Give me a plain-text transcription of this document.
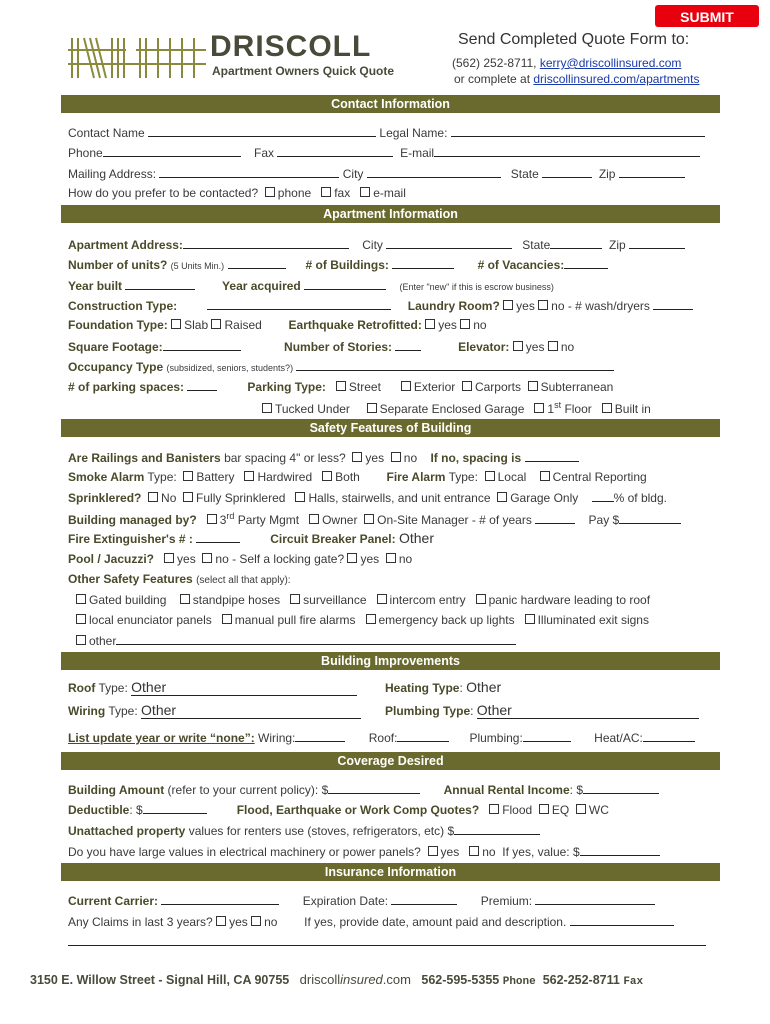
SUBMIT
DRISCOLL
Apartment Owners Quick Quote
Send Completed Quote Form to:
(562) 252-8711, kerry@driscollinsured.com
or complete at driscollinsured.com/apartments
Contact Information
Contact Name	Legal Name:
Phone	Fax	E-mail
Mailing Address:	City	State	Zip
How do you prefer to be contacted? phone fax e-mail
Apartment Information
Apartment Address:	City	State	Zip
Number of units? (5 Units Min.)	# of Buildings:	# of Vacancies:
Year built	Year acquired	(Enter "new" if this is escrow business)
Construction Type:	Laundry Room? yes no - # wash/dryers
Foundation Type: Slab Raised Earthquake Retrofitted: yes no
Square Footage:	Number of Stories:	Elevator: yes no
Occupancy Type (subsidized, seniors, students?)
# of parking spaces:	Parking Type: Street	Exterior Carports Subterranean
Tucked Under Separate Enclosed Garage 1st Floor Built in
Safety Features of Building
Are Railings and Banisters bar spacing 4" or less? yes no If no, spacing is
Smoke Alarm Type: Battery Hardwired Both Fire Alarm Type: Local Central Reporting
Sprinklered? No Fully Sprinklered Halls, stairwells, and unit entrance Garage Only	% of bldg.
Building managed by? 3rd Party Mgmt Owner On-Site Manager - # of years	Pay $
Fire Extinguisher's # :	Circuit Breaker Panel: Other
Pool / Jacuzzi? yes no - Self a locking gate? yes no
Other Safety Features (select all that apply):
Gated building standpipe hoses surveillance intercom entry panic hardware leading to roof
local enunciator panels manual pull fire alarms emergency back up lights Illuminated exit signs
other
Building Improvements
Roof Type: Other	Heating Type: Other
Wiring Type: Other	Plumbing Type: Other
List update year or write “none”: Wiring:	Roof:	Plumbing:	Heat/AC:
Coverage Desired
Building Amount (refer to your current policy): $	Annual Rental Income: $
Deductible: $	Flood, Earthquake or Work Comp Quotes? Flood EQ WC
Unattached property values for renters use (stoves, refrigerators, etc) $
Do you have large values in electrical machinery or power panels? yes no If yes, value: $
Insurance Information
Current Carrier:	Expiration Date:	Premium:
Any Claims in last 3 years? yes no If yes, provide date, amount paid and description.
3150 E. Willow Street - Signal Hill, CA 90755 driscollinsured.com 562-595-5355 Phone 562-252-8711 Fax
